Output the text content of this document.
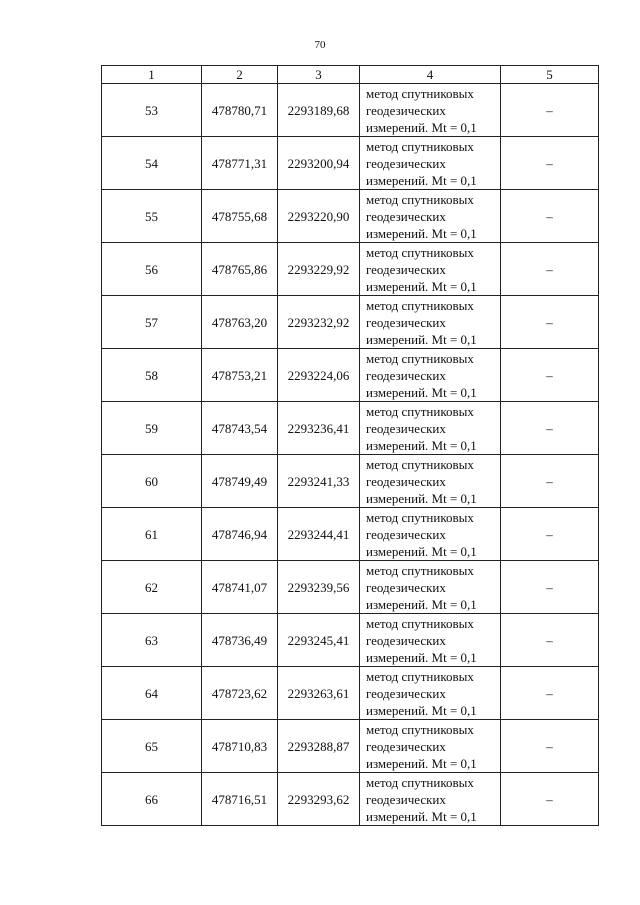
70
1	2	3	4	5
53	478780,71	2293189,68	метод спутниковых
геодезических
измерений. Mt = 0,1	–
54	478771,31	2293200,94	метод спутниковых
геодезических
измерений. Mt = 0,1	–
55	478755,68	2293220,90	метод спутниковых
геодезических
измерений. Mt = 0,1	–
56	478765,86	2293229,92	метод спутниковых
геодезических
измерений. Mt = 0,1	–
57	478763,20	2293232,92	метод спутниковых
геодезических
измерений. Mt = 0,1	–
58	478753,21	2293224,06	метод спутниковых
геодезических
измерений. Mt = 0,1	–
59	478743,54	2293236,41	метод спутниковых
геодезических
измерений. Mt = 0,1	–
60	478749,49	2293241,33	метод спутниковых
геодезических
измерений. Mt = 0,1	–
61	478746,94	2293244,41	метод спутниковых
геодезических
измерений. Mt = 0,1	–
62	478741,07	2293239,56	метод спутниковых
геодезических
измерений. Mt = 0,1	–
63	478736,49	2293245,41	метод спутниковых
геодезических
измерений. Mt = 0,1	–
64	478723,62	2293263,61	метод спутниковых
геодезических
измерений. Mt = 0,1	–
65	478710,83	2293288,87	метод спутниковых
геодезических
измерений. Mt = 0,1	–
66	478716,51	2293293,62	метод спутниковых
геодезических
измерений. Mt = 0,1	–
